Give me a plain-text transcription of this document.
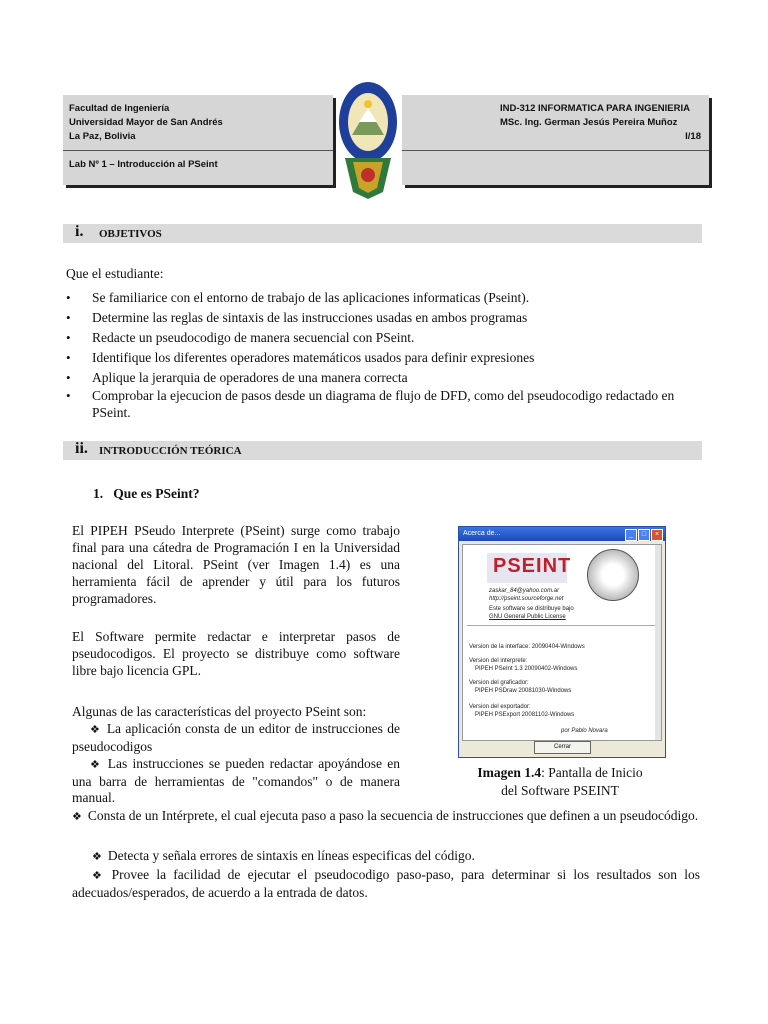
Facultad de Ingeniería
Universidad Mayor de San Andrés
La Paz, Bolivia
Lab Nº 1 – Introducción al PSeint
IND-312 INFORMATICA PARA INGENIERIA
MSc. Ing. German Jesús Pereira Muñoz
I/18
i. OBJETIVOS
Que el estudiante:
• Se familiarice con el entorno de trabajo de las aplicaciones informaticas (Pseint).
• Determine las reglas de sintaxis de las instrucciones usadas en ambos programas
• Redacte un pseudocodigo de manera secuencial con PSeint.
• Identifique los diferentes operadores matemáticos usados para definir expresiones
• Aplique la jerarquia de operadores de una manera correcta
• Comprobar la ejecucion de pasos desde un diagrama de flujo de DFD, como del pseudocodigo redactado en PSeint.
ii. INTRODUCCIÓN TEÓRICA
1.   Que es PSeint?
El PIPEH PSeudo Interprete (PSeint) surge como trabajo final para una cátedra de Programación I en la Universidad nacional del Litoral. PSeint (ver Imagen 1.4) es una herramienta fácil de aprender y útil para los futuros programadores.
El Software permite redactar e interpretar pasos de pseudocodigos. El proyecto se distribuye como software libre bajo licencia GPL.
Algunas de las características del proyecto PSeint son:
❖ La aplicación consta de un editor de instrucciones de pseudocodigos
❖ Las instrucciones se pueden redactar apoyándose en una barra de herramientas de "comandos" o de manera manual.
❖ Consta de un Intérprete, el cual ejecuta paso a paso la secuencia de instrucciones que definen a un pseudocódigo.
❖ Detecta y señala errores de sintaxis en líneas especificas del código.
❖ Provee la facilidad de ejecutar el pseudocodigo paso-paso, para determinar si los resultados son los adecuados/esperados, de acuerdo a la entrada de datos.
Acerca de...	_	□	×
PSEINT
zaskar_84@yahoo.com.ar
http://pseint.sourceforge.net
Este software se distribuye bajo
GNU General Public License
Version de la interface: 20090404-Windows
Version del interprete:
PIPEH PSeInt 1.3 20090402-Windows
Version del graficador:
PIPEH PSDraw 20081030-Windows
Version del exportador:
PIPEH PSExport 20081102-Windows
por Pablo Novara
Cerrar
Imagen 1.4: Pantalla de Inicio
del Software PSEINT
